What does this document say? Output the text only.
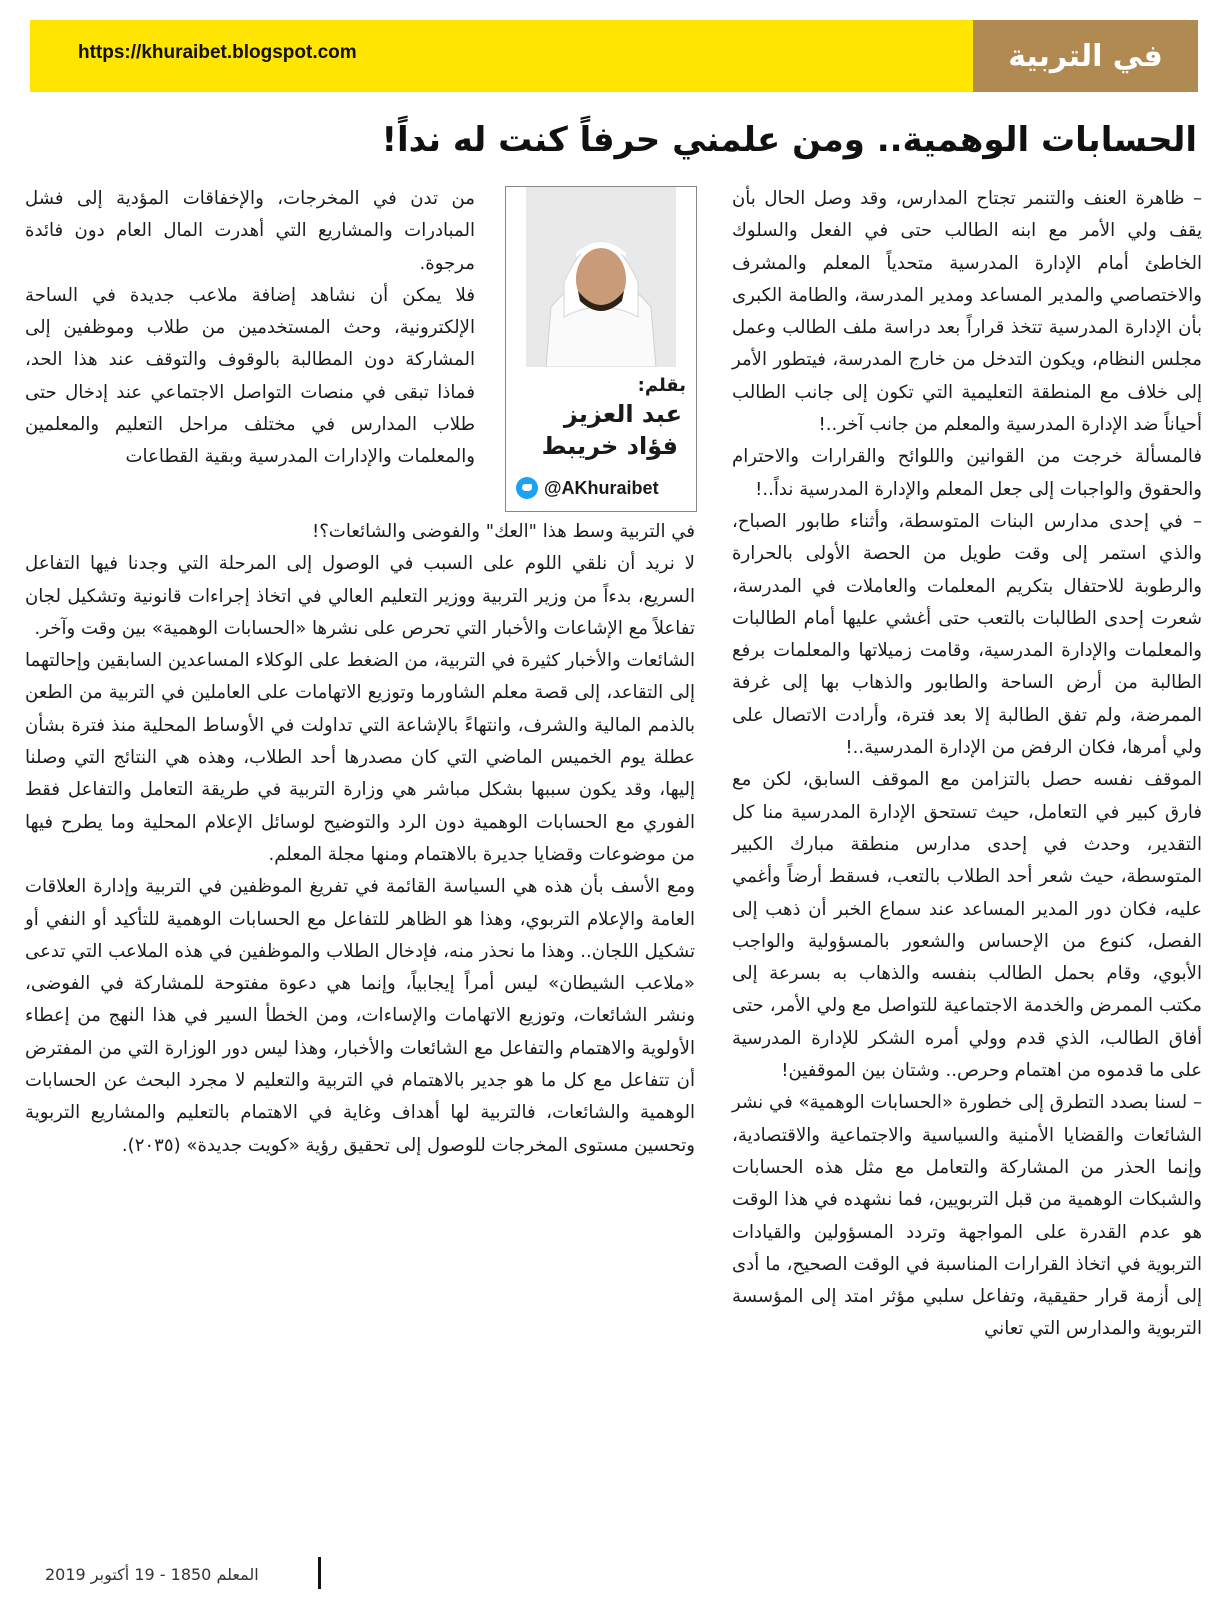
https://khuraibet.blogspot.com	في التربية
الحسابات الوهمية.. ومن علمني حرفاً كنت له نداً!

– ظاهرة العنف والتنمر تجتاح المدارس، وقد وصل الحال بأن يقف ولي الأمر مع ابنه الطالب حتى في الفعل والسلوك الخاطئ أمام الإدارة المدرسية متحدياً المعلم والمشرف والاختصاصي والمدير المساعد ومدير المدرسة، والطامة الكبرى بأن الإدارة المدرسية تتخذ قراراً بعد دراسة ملف الطالب وعمل مجلس النظام، ويكون التدخل من خارج المدرسة، فيتطور الأمر إلى خلاف مع المنطقة التعليمية التي تكون إلى جانب الطالب أحياناً ضد الإدارة المدرسية والمعلم من جانب آخر..!

فالمسألة خرجت من القوانين واللوائح والقرارات والاحترام والحقوق والواجبات إلى جعل المعلم والإدارة المدرسية نداً..!

– في إحدى مدارس البنات المتوسطة، وأثناء طابور الصباح، والذي استمر إلى وقت طويل من الحصة الأولى بالحرارة والرطوبة للاحتفال بتكريم المعلمات والعاملات في المدرسة، شعرت إحدى الطالبات بالتعب حتى أغشي عليها أمام الطالبات والمعلمات والإدارة المدرسية، وقامت زميلاتها والمعلمات برفع الطالبة من أرض الساحة والطابور والذهاب بها إلى غرفة الممرضة، ولم تفق الطالبة إلا بعد فترة، وأرادت الاتصال على ولي أمرها، فكان الرفض من الإدارة المدرسية..!

الموقف نفسه حصل بالتزامن مع الموقف السابق، لكن مع فارق كبير في التعامل، حيث تستحق الإدارة المدرسية منا كل التقدير، وحدث في إحدى مدارس منطقة مبارك الكبير المتوسطة، حيث شعر أحد الطلاب بالتعب، فسقط أرضاً وأغمي عليه، فكان دور المدير المساعد عند سماع الخبر أن ذهب إلى الفصل، كنوع من الإحساس والشعور بالمسؤولية والواجب الأبوي، وقام بحمل الطالب بنفسه والذهاب به بسرعة إلى مكتب الممرض والخدمة الاجتماعية للتواصل مع ولي الأمر، حتى أفاق الطالب، الذي قدم وولي أمره الشكر للإدارة المدرسية على ما قدموه من اهتمام وحرص.. وشتان بين الموقفين!

– لسنا بصدد التطرق إلى خطورة «الحسابات الوهمية» في نشر الشائعات والقضايا الأمنية والسياسية والاجتماعية والاقتصادية، وإنما الحذر من المشاركة والتعامل مع مثل هذه الحسابات والشبكات الوهمية من قبل التربويين، فما نشهده في هذا الوقت هو عدم القدرة على المواجهة وتردد المسؤولين والقيادات التربوية في اتخاذ القرارات المناسبة في الوقت الصحيح، ما أدى إلى أزمة قرار حقيقية، وتفاعل سلبي مؤثر امتد إلى المؤسسة التربوية والمدارس التي تعاني

بقلم:
عبد العزيز
فؤاد خريبط
@AKhuraibet

من تدن في المخرجات، والإخفاقات المؤدية إلى فشل المبادرات والمشاريع التي أهدرت المال العام دون فائدة مرجوة.

فلا يمكن أن نشاهد إضافة ملاعب جديدة في الساحة الإلكترونية، وحث المستخدمين من طلاب وموظفين إلى المشاركة دون المطالبة بالوقوف والتوقف عند هذا الحد، فماذا تبقى في منصات التواصل الاجتماعي عند إدخال حتى طلاب المدارس في مختلف مراحل التعليم والمعلمين والمعلمات والإدارات المدرسية وبقية القطاعات

في التربية وسط هذا "العك" والفوضى والشائعات؟!

لا نريد أن نلقي اللوم على السبب في الوصول إلى المرحلة التي وجدنا فيها التفاعل السريع، بدءاً من وزير التربية ووزير التعليم العالي في اتخاذ إجراءات قانونية وتشكيل لجان تفاعلاً مع الإشاعات والأخبار التي تحرص على نشرها «الحسابات الوهمية» بين وقت وآخر.

الشائعات والأخبار كثيرة في التربية، من الضغط على الوكلاء المساعدين السابقين وإحالتهما إلى التقاعد، إلى قصة معلم الشاورما وتوزيع الاتهامات على العاملين في التربية من الطعن بالذمم المالية والشرف، وانتهاءً بالإشاعة التي تداولت في الأوساط المحلية منذ فترة بشأن عطلة يوم الخميس الماضي التي كان مصدرها أحد الطلاب، وهذه هي النتائج التي وصلنا إليها، وقد يكون سببها بشكل مباشر هي وزارة التربية في طريقة التعامل والتفاعل فقط الفوري مع الحسابات الوهمية دون الرد والتوضيح لوسائل الإعلام المحلية وما يطرح فيها من موضوعات وقضايا جديرة بالاهتمام ومنها مجلة المعلم.

ومع الأسف بأن هذه هي السياسة القائمة في تفريغ الموظفين في التربية وإدارة العلاقات العامة والإعلام التربوي، وهذا هو الظاهر للتفاعل مع الحسابات الوهمية للتأكيد أو النفي أو تشكيل اللجان.. وهذا ما نحذر منه، فإدخال الطلاب والموظفين في هذه الملاعب التي تدعى «ملاعب الشيطان» ليس أمراً إيجابياً، وإنما هي دعوة مفتوحة للمشاركة في الفوضى، ونشر الشائعات، وتوزيع الاتهامات والإساءات، ومن الخطأ السير في هذا النهج من إعطاء الأولوية والاهتمام والتفاعل مع الشائعات والأخبار، وهذا ليس دور الوزارة التي من المفترض أن تتفاعل مع كل ما هو جدير بالاهتمام في التربية والتعليم لا مجرد البحث عن الحسابات الوهمية والشائعات، فالتربية لها أهداف وغاية في الاهتمام بالتعليم والمشاريع التربوية وتحسين مستوى المخرجات للوصول إلى تحقيق رؤية «كويت جديدة» (٢٠٣٥).

المعلم 1850 - 19 أكتوبر 2019
